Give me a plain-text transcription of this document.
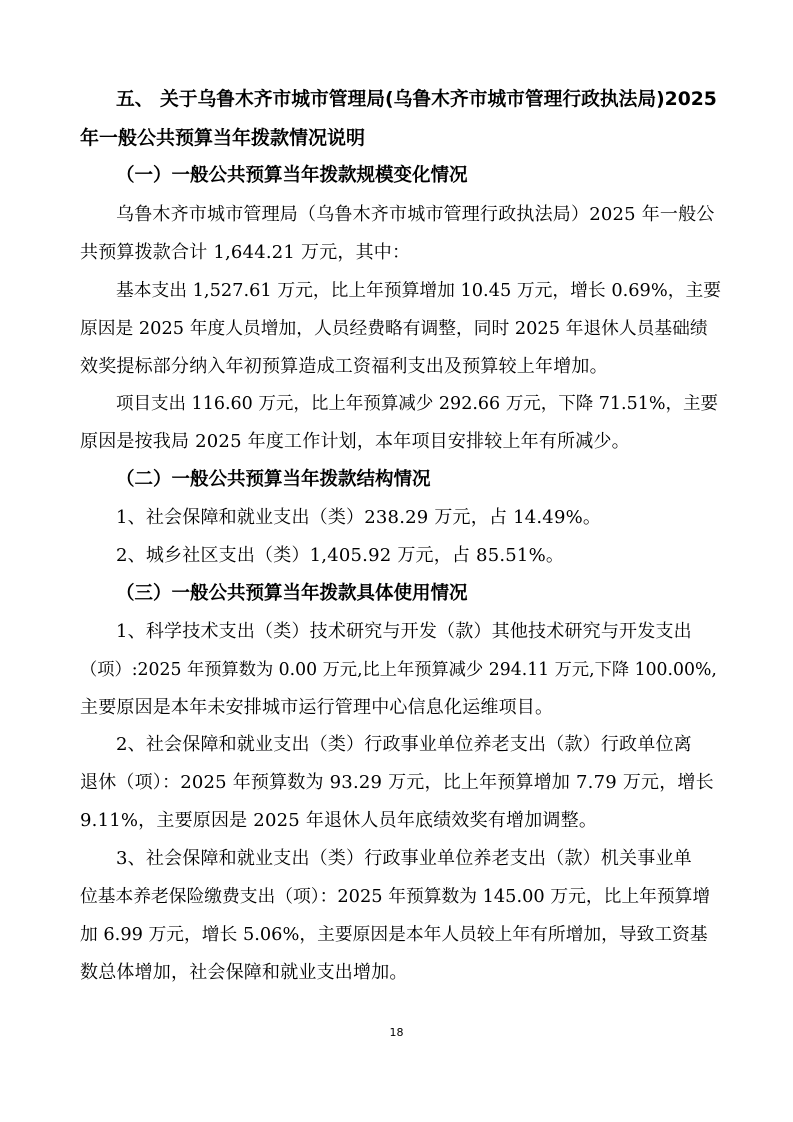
五、 关于乌鲁木齐市城市管理局(乌鲁木齐市城市管理行政执法局)2025
年一般公共预算当年拨款情况说明
（一）一般公共预算当年拨款规模变化情况
乌鲁木齐市城市管理局（乌鲁木齐市城市管理行政执法局）2025 年一般公
共预算拨款合计 1,644.21 万元，其中：
基本支出 1,527.61 万元，比上年预算增加 10.45 万元，增长 0.69%，主要
原因是 2025 年度人员增加，人员经费略有调整，同时 2025 年退休人员基础绩
效奖提标部分纳入年初预算造成工资福利支出及预算较上年增加。
项目支出 116.60 万元，比上年预算减少 292.66 万元，下降 71.51%，主要
原因是按我局 2025 年度工作计划，本年项目安排较上年有所减少。
（二）一般公共预算当年拨款结构情况
1、社会保障和就业支出（类）238.29 万元，占 14.49%。
2、城乡社区支出（类）1,405.92 万元，占 85.51%。
（三）一般公共预算当年拨款具体使用情况
1、科学技术支出（类）技术研究与开发（款）其他技术研究与开发支出
（项）:2025 年预算数为 0.00 万元,比上年预算减少 294.11 万元,下降 100.00%,
主要原因是本年未安排城市运行管理中心信息化运维项目。
2、社会保障和就业支出（类）行政事业单位养老支出（款）行政单位离
退休（项）：2025 年预算数为 93.29 万元，比上年预算增加 7.79 万元，增长
9.11%，主要原因是 2025 年退休人员年底绩效奖有增加调整。
3、社会保障和就业支出（类）行政事业单位养老支出（款）机关事业单
位基本养老保险缴费支出（项）：2025 年预算数为 145.00 万元，比上年预算增
加 6.99 万元，增长 5.06%，主要原因是本年人员较上年有所增加，导致工资基
数总体增加，社会保障和就业支出增加。
18
